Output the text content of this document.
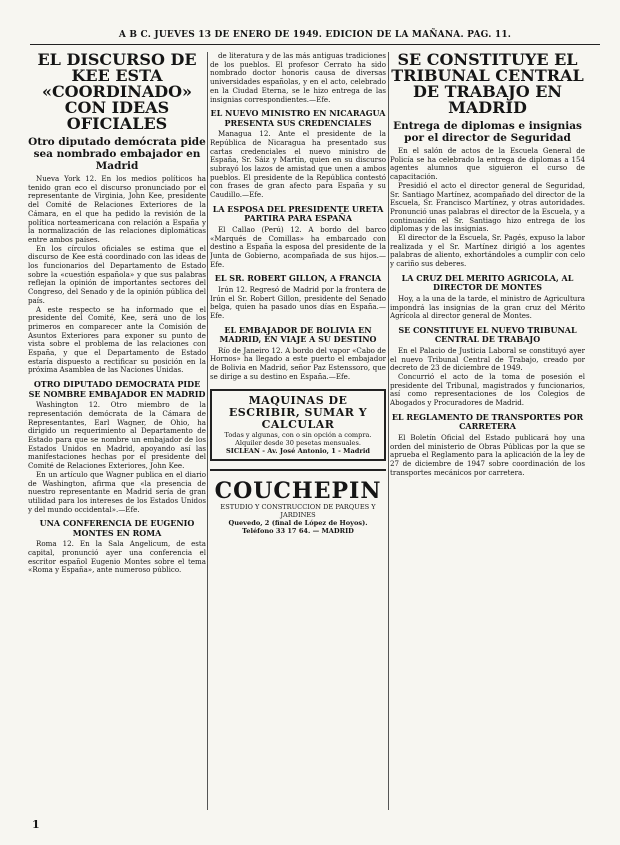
A B C. JUEVES 13 DE ENERO DE 1949. EDICION DE LA MAÑANA. PAG. 11.
EL DISCURSO DE KEE ESTA «COORDINADO» CON IDEAS OFICIALES
Otro diputado demócrata pide sea nombrado embajador en Madrid

Nueva York 12. En los medios políticos ha tenido gran eco el discurso pronunciado por el representante de Virginia, John Kee, presidente del Comité de Relaciones Exteriores de la Cámara, en el que ha pedido la revisión de la política norteamericana con relación a España y la normalización de las relaciones diplomáticas entre ambos países.

En los círculos oficiales se estima que el discurso de Kee está coordinado con las ideas de los funcionarios del Departamento de Estado sobre la «cuestión española» y que sus palabras reflejan la opinión de importantes sectores del Congreso, del Senado y de la opinión pública del país.

A este respecto se ha informado que el presidente del Comité, Kee, será uno de los primeros en comparecer ante la Comisión de Asuntos Exteriores para exponer su punto de vista sobre el problema de las relaciones con España, y que el Departamento de Estado estaría dispuesto a rectificar su posición en la próxima Asamblea de las Naciones Unidas.

OTRO DIPUTADO DEMOCRATA PIDE SE NOMBRE EMBAJADOR EN MADRID

Washington 12. Otro miembro de la representación demócrata de la Cámara de Representantes, Earl Wagner, de Ohio, ha dirigido un requerimiento al Departamento de Estado para que se nombre un embajador de los Estados Unidos en Madrid, apoyando así las manifestaciones hechas por el presidente del Comité de Relaciones Exteriores, John Kee.

En un artículo que Wagner publica en el diario de Washington, afirma que «la presencia de nuestro representante en Madrid sería de gran utilidad para los intereses de los Estados Unidos y del mundo occidental».—Efe.

UNA CONFERENCIA DE EUGENIO MONTES EN ROMA

Roma 12. En la Sala Angelicum, de esta capital, pronunció ayer una conferencia el escritor español Eugenio Montes sobre el tema «Roma y España», ante numeroso público.

de literatura y de las más antiguas tradiciones de los pueblos. El profesor Cerrato ha sido nombrado doctor honoris causa de diversas universidades españolas, y en el acto, celebrado en la Ciudad Eterna, se le hizo entrega de las insignias correspondientes.—Efe.

EL NUEVO MINISTRO EN NICARAGUA PRESENTA SUS CREDENCIALES

Managua 12. Ante el presidente de la República de Nicaragua ha presentado sus cartas credenciales el nuevo ministro de España, Sr. Sáiz y Martín, quien en su discurso subrayó los lazos de amistad que unen a ambos pueblos. El presidente de la República contestó con frases de gran afecto para España y su Caudillo.—Efe.

LA ESPOSA DEL PRESIDENTE URETA PARTIRA PARA ESPAÑA

El Callao (Perú) 12. A bordo del barco «Marqués de Comillas» ha embarcado con destino a España la esposa del presidente de la Junta de Gobierno, acompañada de sus hijos.—Efe.

EL SR. ROBERT GILLON, A FRANCIA

Irún 12. Regresó de Madrid por la frontera de Irún el Sr. Robert Gillon, presidente del Senado belga, quien ha pasado unos días en España.—Efe.

EL EMBAJADOR DE BOLIVIA EN MADRID, EN VIAJE A SU DESTINO

Río de Janeiro 12. A bordo del vapor «Cabo de Hornos» ha llegado a este puerto el embajador de Bolivia en Madrid, señor Paz Estenssoro, que se dirige a su destino en España.—Efe.

MAQUINAS DE ESCRIBIR, SUMAR Y CALCULAR
Todas y algunas, con o sin opción a compra.
Alquiler desde 30 pesetas mensuales.
SICLEAN - Av. José Antonio, 1 - Madrid
COUCHEPIN
ESTUDIO Y CONSTRUCCION DE PARQUES Y JARDINES
Quevedo, 2 (final de López de Hoyos). Teléfono 33 17 64. — MADRID
SE CONSTITUYE EL TRIBUNAL CENTRAL DE TRABAJO EN MADRID
Entrega de diplomas e insignias por el director de Seguridad

En el salón de actos de la Escuela General de Policía se ha celebrado la entrega de diplomas a 154 agentes alumnos que siguieron el curso de capacitación.

Presidió el acto el director general de Seguridad, Sr. Santiago Martínez, acompañado del director de la Escuela, Sr. Francisco Martínez, y otras autoridades. Pronunció unas palabras el director de la Escuela, y a continuación el Sr. Santiago hizo entrega de los diplomas y de las insignias.

El director de la Escuela, Sr. Pagés, expuso la labor realizada y el Sr. Martínez dirigió a los agentes palabras de aliento, exhortándoles a cumplir con celo y cariño sus deberes.

LA CRUZ DEL MERITO AGRICOLA, AL DIRECTOR DE MONTES

Hoy, a la una de la tarde, el ministro de Agricultura impondrá las insignias de la gran cruz del Mérito Agrícola al director general de Montes.

SE CONSTITUYE EL NUEVO TRIBUNAL CENTRAL DE TRABAJO

En el Palacio de Justicia Laboral se constituyó ayer el nuevo Tribunal Central de Trabajo, creado por decreto de 23 de diciembre de 1949.

Concurrió el acto de la toma de posesión el presidente del Tribunal, magistrados y funcionarios, así como representaciones de los Colegios de Abogados y Procuradores de Madrid.

EL REGLAMENTO DE TRANSPORTES POR CARRETERA

El Boletín Oficial del Estado publicará hoy una orden del ministerio de Obras Públicas por la que se aprueba el Reglamento para la aplicación de la ley de 27 de diciembre de 1947 sobre coordinación de los transportes mecánicos por carretera.

1
